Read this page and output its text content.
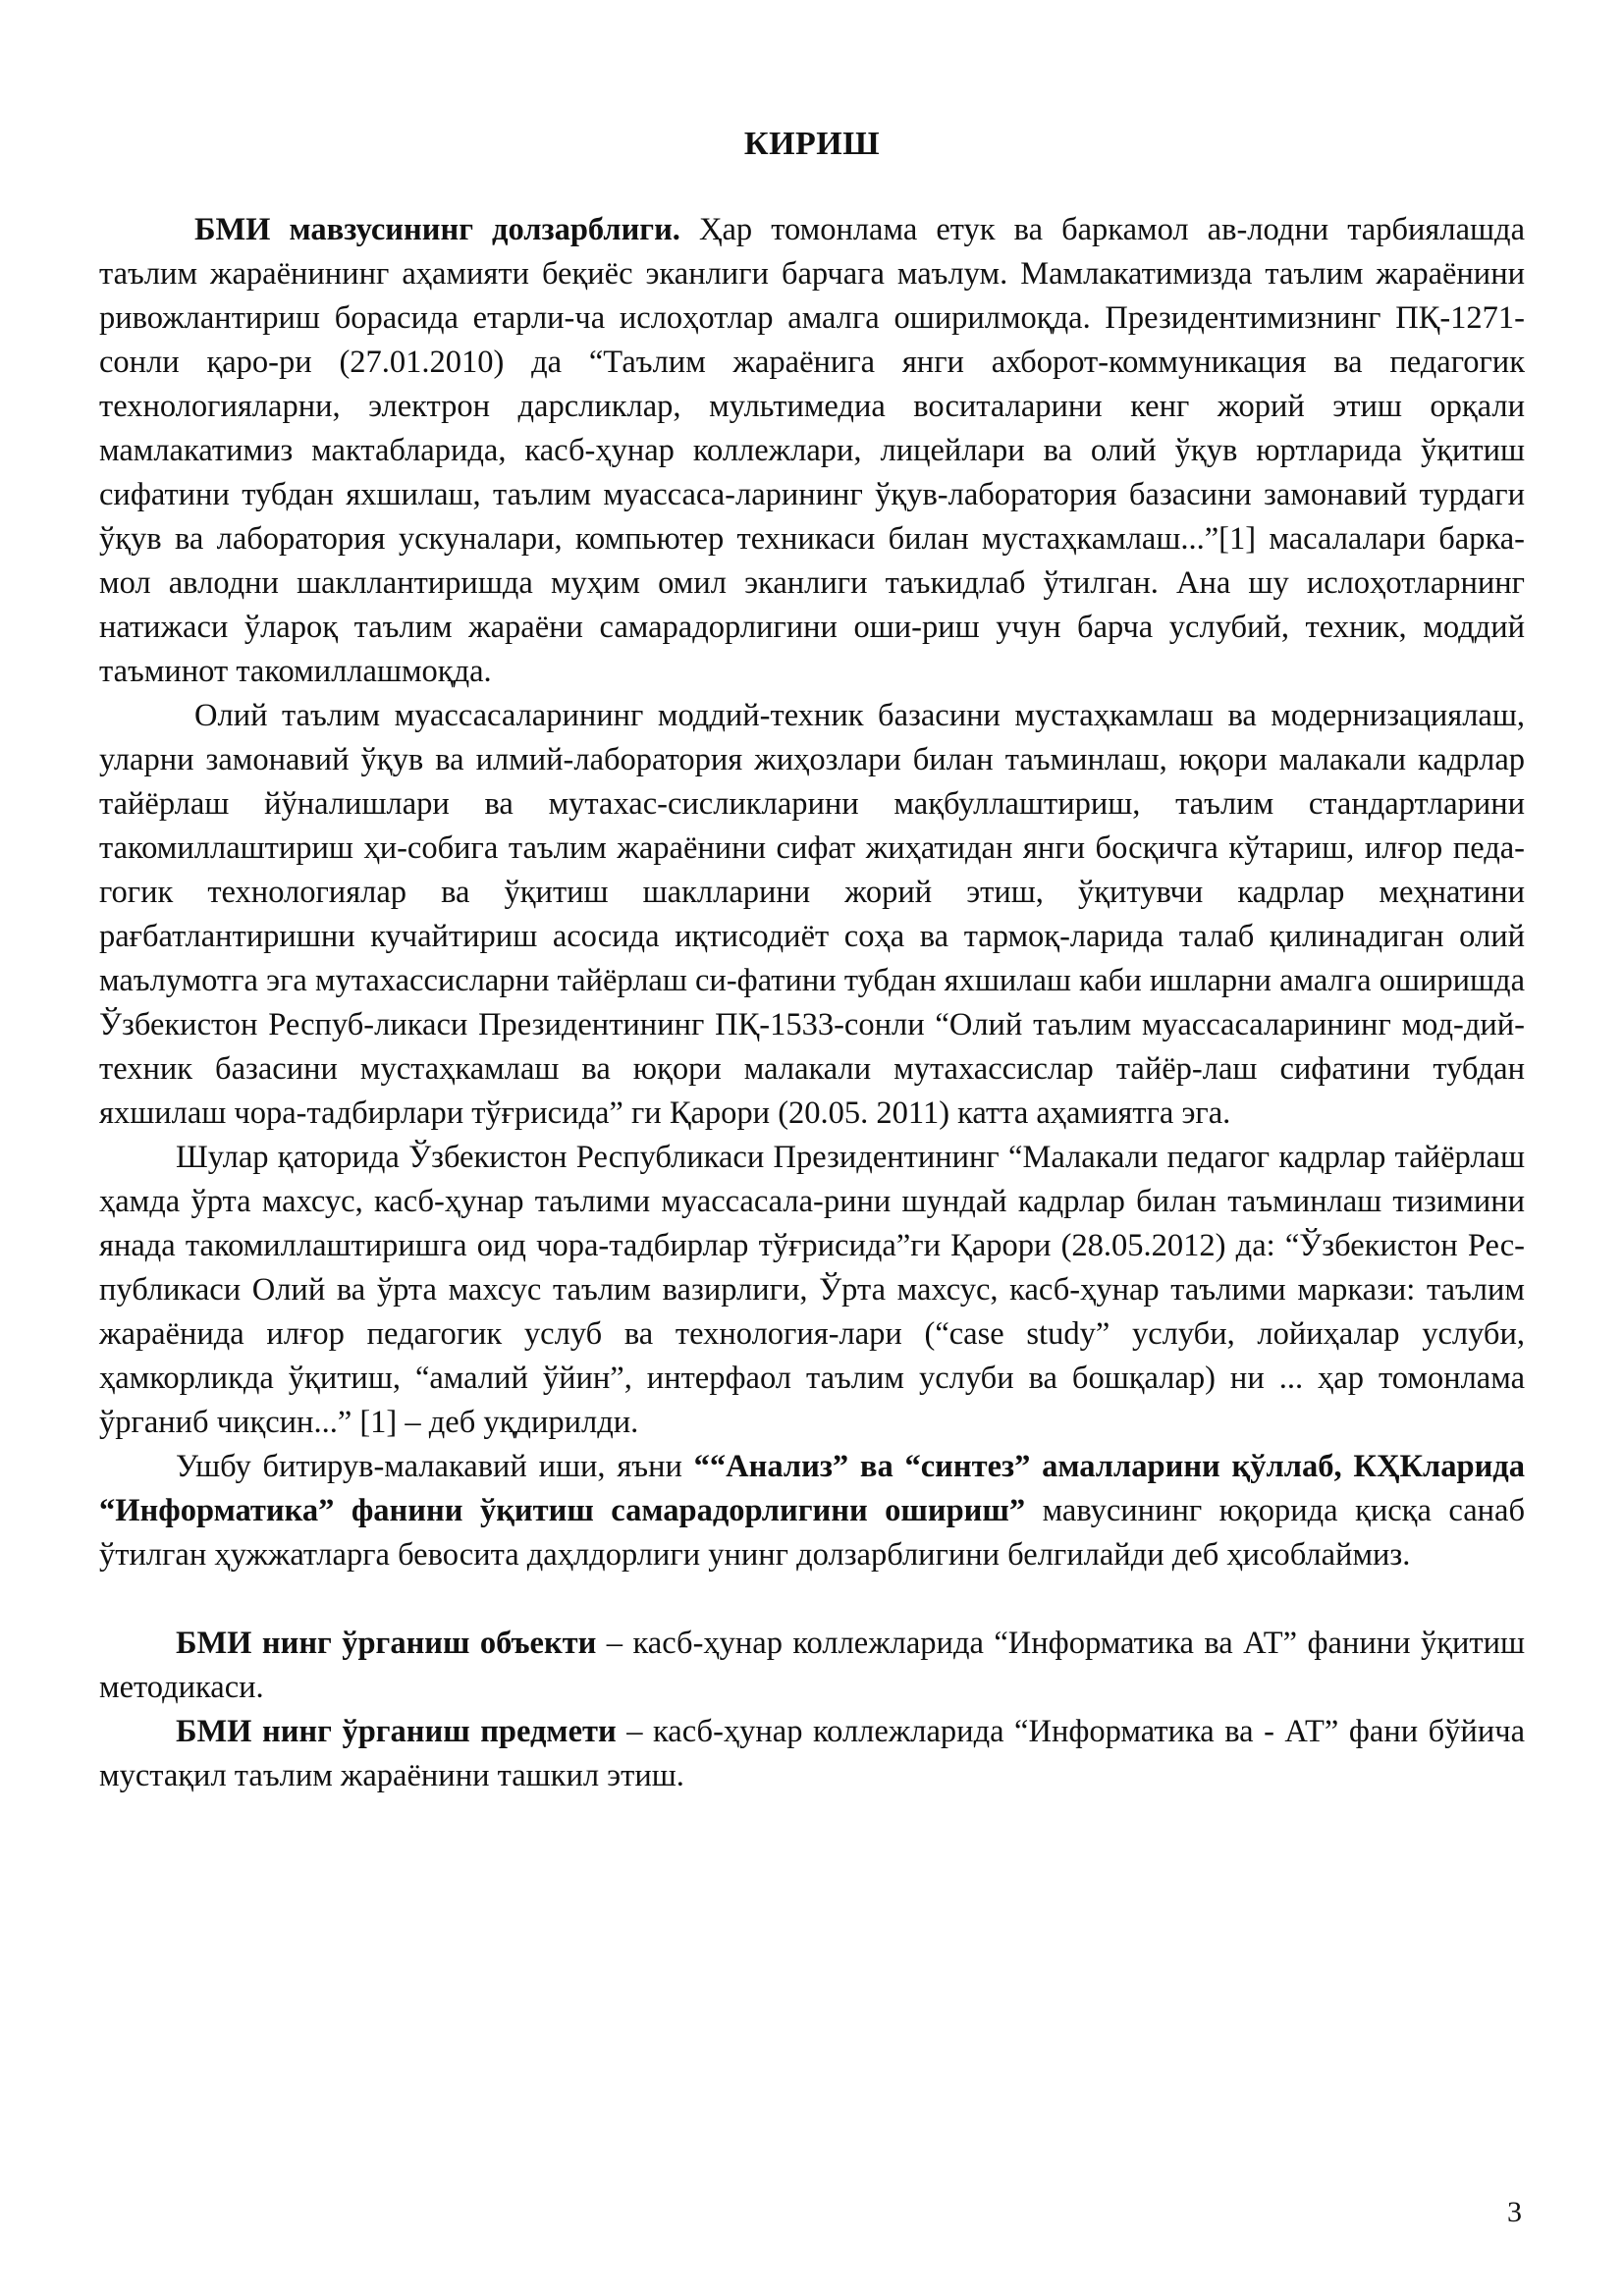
КИРИШ

БМИ мавзусининг долзарблиги. Ҳар томонлама етук ва баркамол ав-лодни тарбиялашда таълим жараёнининг аҳамияти беқиёс эканлиги барчага маълум. Мамлакатимизда таълим жараёнини ривожлантириш борасида етарли-ча ислоҳотлар амалга оширилмоқда. Президентимизнинг ПҚ-1271-сонли қаро-ри (27.01.2010) да “Таълим жараёнига янги ахборот-коммуникация ва педагогик технологияларни, электрон дарсликлар, мультимедиа воситаларини кенг жорий этиш орқали мамлакатимиз мактабларида, касб-ҳунар коллежлари, лицейлари ва олий ўқув юртларида ўқитиш сифатини тубдан яхшилаш, таълим муассаса-ларининг ўқув-лаборатория базасини замонавий турдаги ўқув ва лаборатория ускуналари, компьютер техникаси билан мустаҳкамлаш...”[1] масалалари барка-мол авлодни шакллантиришда муҳим омил эканлиги таъкидлаб ўтилган. Ана шу ислоҳотларнинг натижаси ўларoқ таълим жараёни самарадорлигини оши-риш учун барча услубий, техник, моддий таъминот такомиллашмоқда.

Олий таълим муассасаларининг моддий-техник базасини мустаҳкамлаш ва модернизациялаш, уларни замонавий ўқув ва илмий-лаборатория жиҳозлари билан таъминлаш, юқори малакали кадрлар тайёрлаш йўналишлари ва мутахас-сисликларини мақбуллаштириш, таълим стандартларини такомиллаштириш ҳи-собига таълим жараёнини сифат жиҳатидан янги босқичга кўтариш, илғор педа-гогик технологиялар ва ўқитиш шаклларини жорий этиш, ўқитувчи кадрлар меҳнатини рағбатлантиришни кучайтириш асосида иқтисодиёт соҳа ва тармоқ-ларида талаб қилинадиган олий маълумотга эга мутахассисларни тайёрлаш си-фатини тубдан яхшилаш каби ишларни амалга оширишда Ўзбекистон Респуб-ликаси Президентининг ПҚ-1533-сонли “Олий таълим муассасаларининг мод-дий-техник базасини мустаҳкамлаш ва юқори малакали мутахассислар тайёр-лаш сифатини тубдан яхшилаш чора-тадбирлари тўғрисида” ги Қарори (20.05. 2011) катта аҳамиятга эга.

Шулар қаторида Ўзбекистон Республикаси Президентининг “Малакали педагог кадрлар тайёрлаш ҳамда ўрта махсус, касб-ҳунар таълими муассасала-рини шундай кадрлар билан таъминлаш тизимини янада такомиллаштиришга оид чора-тадбирлар тўғрисида”ги Қарори (28.05.2012) да: “Ўзбекистон Рес-публикаси Олий ва ўрта махсус таълим вазирлиги, Ўрта махсус, касб-ҳунар таълими маркази: таълим жараёнида илғор педагогик услуб ва технология-лари (“case study” услуби, лойиҳалар услуби, ҳамкорликда ўқитиш, “амалий ўйин”, интерфаол таълим услуби ва бошқалар) ни ... ҳар томонлама ўрганиб чиқсин...” [1] – деб уқдирилди.

Ушбу битирув-малакавий иши, яъни ““Анализ” ва “синтез” амалларини қўллаб, КҲКларида “Информатика” фанини ўқитиш самарадорлигини ошириш” мавусининг юқорида қисқа санаб ўтилган ҳужжатларга бевосита даҳлдорлиги унинг долзарблигини белгилайди деб ҳисоблаймиз.

БМИ нинг ўрганиш объекти – касб-ҳунар коллежларида “Информатика ва АТ” фанини ўқитиш методикаси.

БМИ нинг ўрганиш предмети – касб-ҳунар коллежларида “Информатика ва - АТ” фани бўйича мустақил таълим жараёнини ташкил этиш.

3
